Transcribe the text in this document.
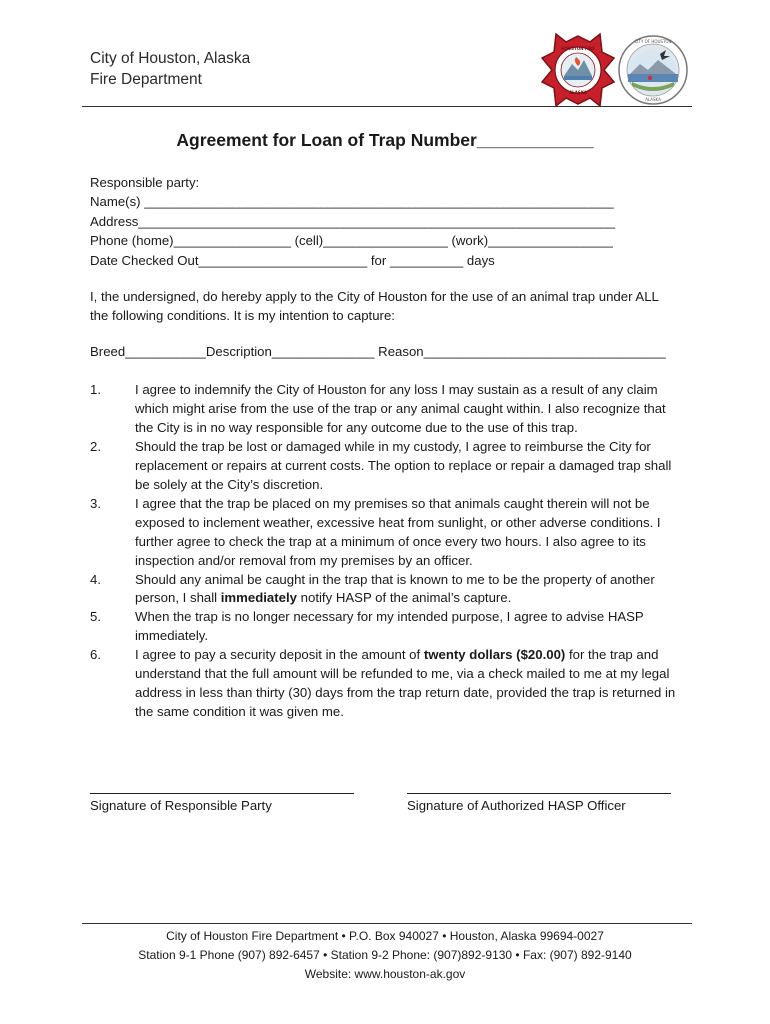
City of Houston, Alaska
Fire Department
HOUSTON FIRE
ALASKA
CITY OF HOUSTON
ALASKA
Agreement for Loan of Trap Number____________
Responsible party:
Name(s) ________________________________________________________________
Address_________________________________________________________________
Phone (home)________________ (cell)_________________ (work)_________________
Date Checked Out_______________________ for __________ days
I, the undersigned, do hereby apply to the City of Houston for the use of an animal trap under ALL the following conditions. It is my intention to capture:
Breed___________Description______________ Reason_________________________________
1.	I agree to indemnify the City of Houston for any loss I may sustain as a result of any claim which might arise from the use of the trap or any animal caught within. I also recognize that the City is in no way responsible for any outcome due to the use of this trap.
2.	Should the trap be lost or damaged while in my custody, I agree to reimburse the City for replacement or repairs at current costs. The option to replace or repair a damaged trap shall be solely at the City’s discretion.
3.	I agree that the trap be placed on my premises so that animals caught therein will not be exposed to inclement weather, excessive heat from sunlight, or other adverse conditions. I further agree to check the trap at a minimum of once every two hours. I also agree to its inspection and/or removal from my premises by an officer.
4.	Should any animal be caught in the trap that is known to me to be the property of another person, I shall immediately notify HASP of the animal’s capture.
5.	When the trap is no longer necessary for my intended purpose, I agree to advise HASP immediately.
6.	I agree to pay a security deposit in the amount of twenty dollars ($20.00) for the trap and understand that the full amount will be refunded to me, via a check mailed to me at my legal address in less than thirty (30) days from the trap return date, provided the trap is returned in the same condition it was given me.
Signature of Responsible Party	Signature of Authorized HASP Officer
City of Houston Fire Department • P.O. Box 940027 • Houston, Alaska 99694-0027
Station 9-1 Phone (907) 892-6457 • Station 9-2 Phone: (907)892-9130 • Fax: (907) 892-9140
Website: www.houston-ak.gov
